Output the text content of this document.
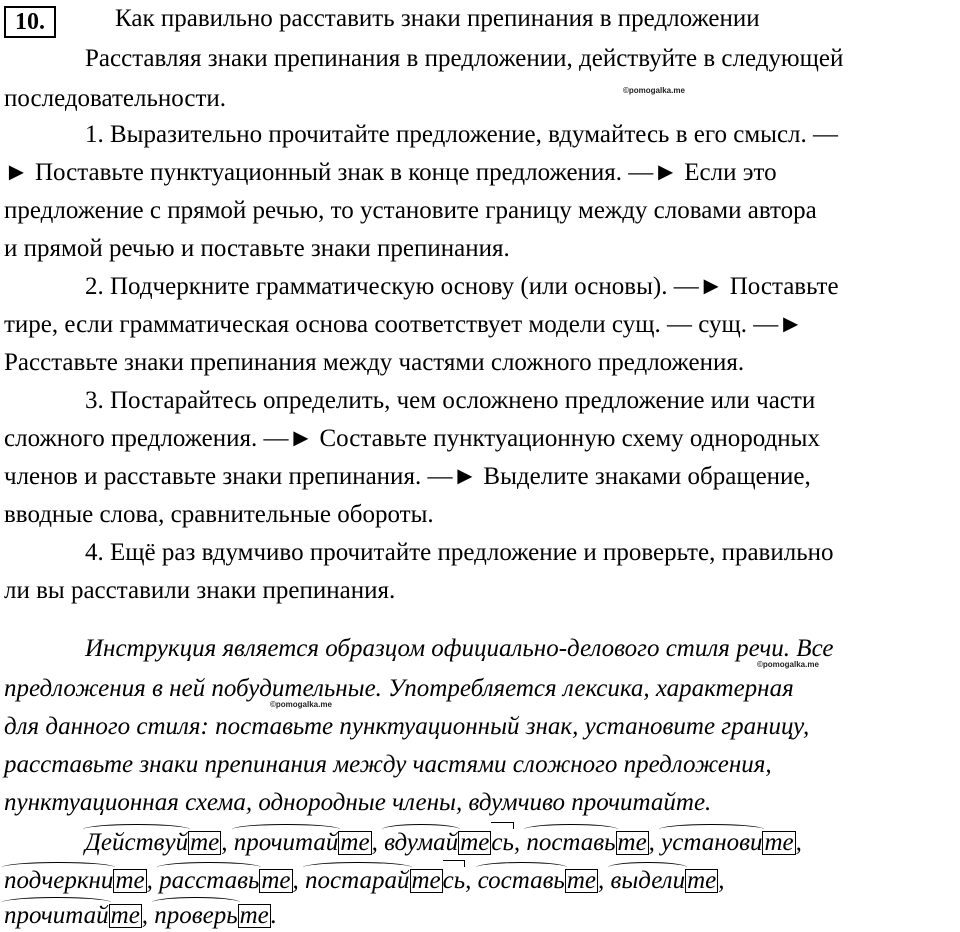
10.	Как правильно расставить знаки препинания в предложении
Расставляя знаки препинания в предложении, действуйте в следующей
последовательности.	©pomogalka.me
1. Выразительно прочитайте предложение, вдумайтесь в его смысл. —
► Поставьте пунктуационный знак в конце предложения. —► Если это
предложение с прямой речью, то установите границу между словами автора
и прямой речью и поставьте знаки препинания.
2. Подчеркните грамматическую основу (или основы). —► Поставьте
тире, если грамматическая основа соответствует модели сущ. — сущ. —►
Расставьте знаки препинания между частями сложного предложения.
3. Постарайтесь определить, чем осложнено предложение или части
сложного предложения. —► Составьте пунктуационную схему однородных
членов и расставьте знаки препинания. —► Выделите знаками обращение,
вводные слова, сравнительные обороты.
4. Ещё раз вдумчиво прочитайте предложение и проверьте, правильно
ли вы расставили знаки препинания.
Инструкция является образцом официально-делового стиля речи. Все
©pomogalka.me
предложения в ней побудительные. Употребляется лексика, характерная
©pomogalka.me
для данного стиля: поставьте пунктуационный знак, установите границу,
расставьте знаки препинания между частями сложного предложения,
пунктуационная схема, однородные члены, вдумчиво прочитайте.
Действуйте, прочитайте, вдумайтесь, поставьте, установите,
подчеркните, расставьте, постарайтесь, составьте, выделите,
прочитайте, проверьте.
